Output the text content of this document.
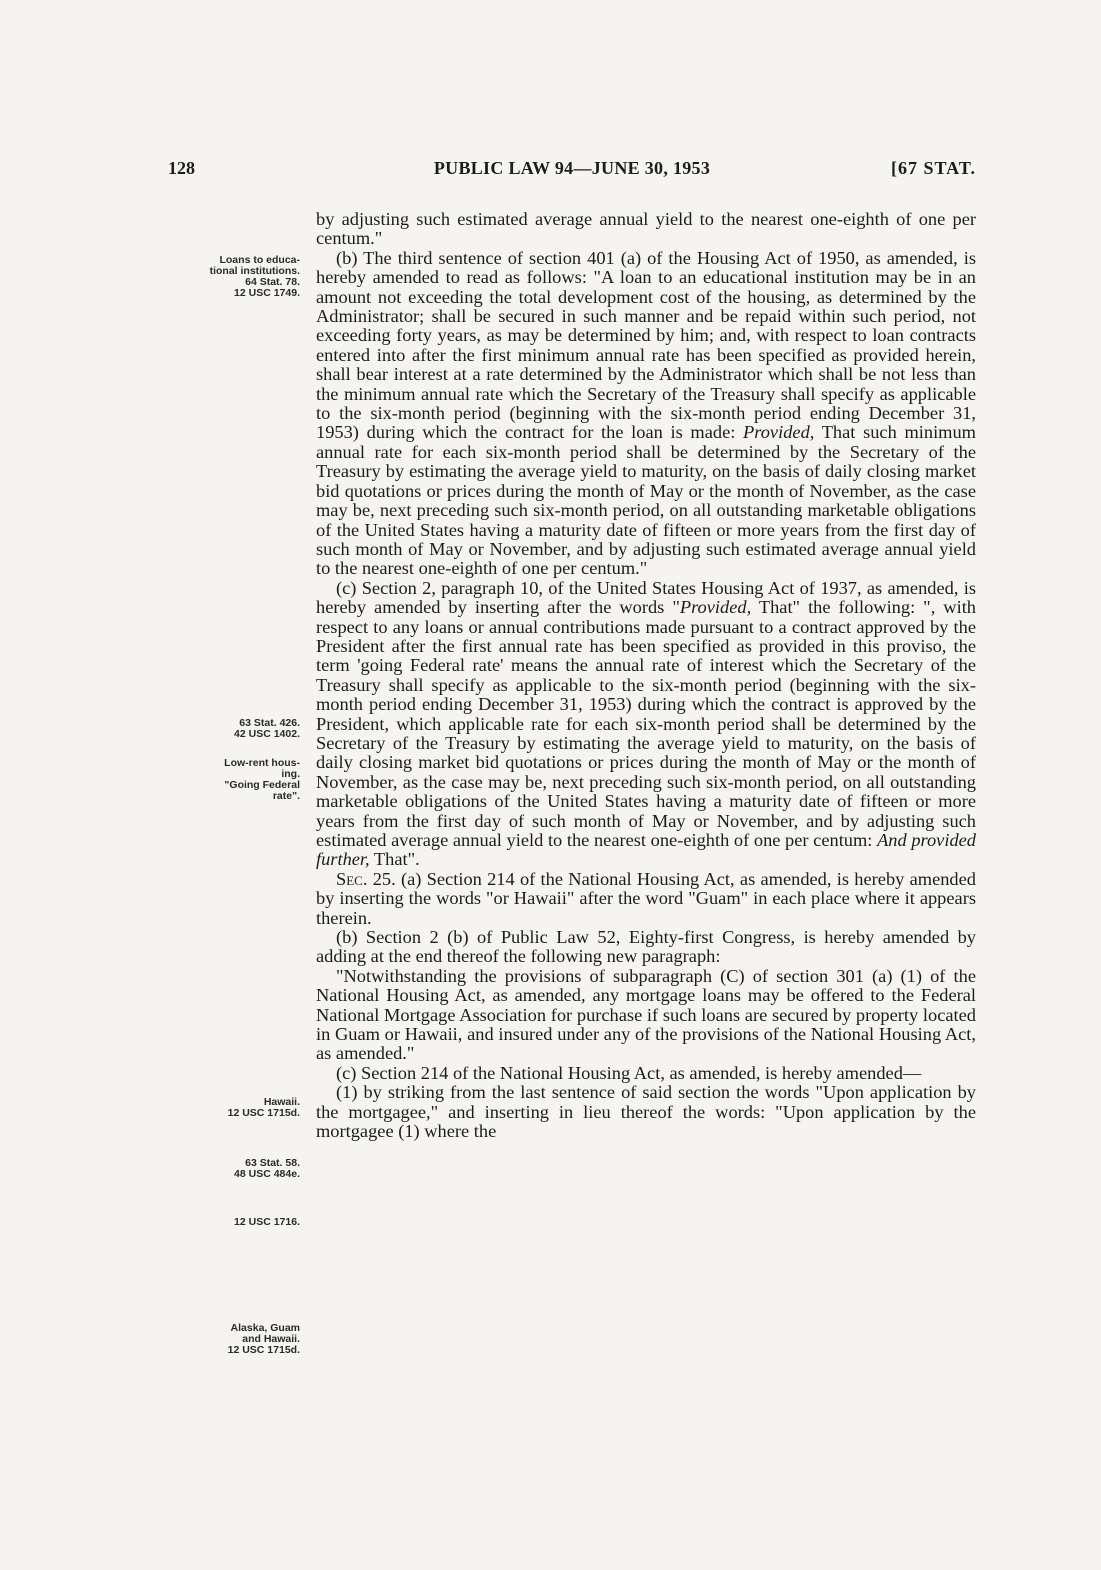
128	PUBLIC LAW 94—JUNE 30, 1953	[67 STAT.
Loans to educa-
tional institutions.
64 Stat. 78.
12 USC 1749.
63 Stat. 426.
42 USC 1402.
Low-rent hous-
ing.
"Going Federal
rate".
Hawaii.
12 USC 1715d.
63 Stat. 58.
48 USC 484e.
12 USC 1716.
Alaska, Guam
and Hawaii.
12 USC 1715d.

by adjusting such estimated average annual yield to the nearest one-eighth of one per centum."

(b) The third sentence of section 401 (a) of the Housing Act of 1950, as amended, is hereby amended to read as follows: "A loan to an educational institution may be in an amount not exceeding the total development cost of the housing, as determined by the Administrator; shall be secured in such manner and be repaid within such period, not exceeding forty years, as may be determined by him; and, with respect to loan contracts entered into after the first minimum annual rate has been specified as provided herein, shall bear interest at a rate determined by the Administrator which shall be not less than the minimum annual rate which the Secretary of the Treasury shall specify as applicable to the six-month period (beginning with the six-month period ending December 31, 1953) during which the contract for the loan is made: Provided, That such minimum annual rate for each six-month period shall be determined by the Secretary of the Treasury by estimating the average yield to maturity, on the basis of daily closing market bid quotations or prices during the month of May or the month of November, as the case may be, next preceding such six-month period, on all outstanding marketable obligations of the United States having a maturity date of fifteen or more years from the first day of such month of May or November, and by adjusting such estimated average annual yield to the nearest one-eighth of one per centum."

(c) Section 2, paragraph 10, of the United States Housing Act of 1937, as amended, is hereby amended by inserting after the words "Provided, That" the following: ", with respect to any loans or annual contributions made pursuant to a contract approved by the President after the first annual rate has been specified as provided in this proviso, the term 'going Federal rate' means the annual rate of interest which the Secretary of the Treasury shall specify as applicable to the six-month period (beginning with the six-month period ending December 31, 1953) during which the contract is approved by the President, which applicable rate for each six-month period shall be determined by the Secretary of the Treasury by estimating the average yield to maturity, on the basis of daily closing market bid quotations or prices during the month of May or the month of November, as the case may be, next preceding such six-month period, on all outstanding marketable obligations of the United States having a maturity date of fifteen or more years from the first day of such month of May or November, and by adjusting such estimated average annual yield to the nearest one-eighth of one per centum: And provided further, That".

Sec. 25. (a) Section 214 of the National Housing Act, as amended, is hereby amended by inserting the words "or Hawaii" after the word "Guam" in each place where it appears therein.

(b) Section 2 (b) of Public Law 52, Eighty-first Congress, is hereby amended by adding at the end thereof the following new paragraph:

"Notwithstanding the provisions of subparagraph (C) of section 301 (a) (1) of the National Housing Act, as amended, any mortgage loans may be offered to the Federal National Mortgage Association for purchase if such loans are secured by property located in Guam or Hawaii, and insured under any of the provisions of the National Housing Act, as amended."

(c) Section 214 of the National Housing Act, as amended, is hereby amended—

(1) by striking from the last sentence of said section the words "Upon application by the mortgagee," and inserting in lieu thereof the words: "Upon application by the mortgagee (1) where the
